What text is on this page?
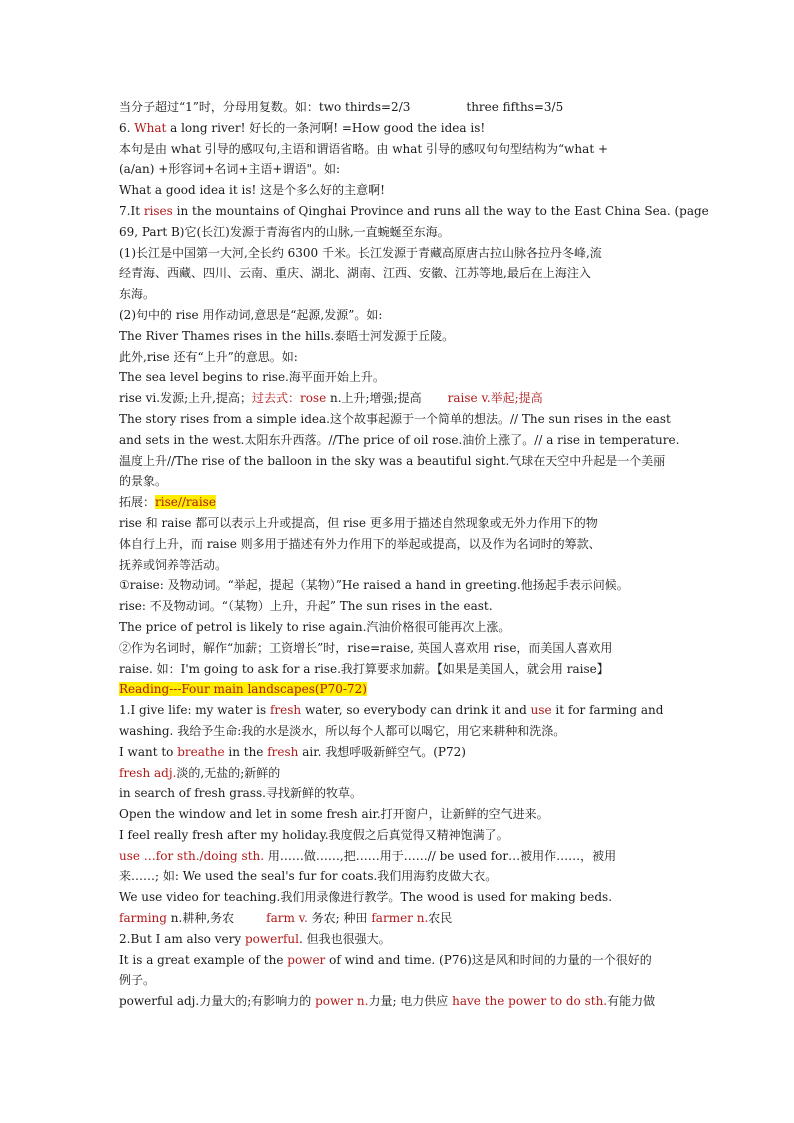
当分子超过“1”时，分母用复数。如：two thirds=2/3	three fifths=3/5
6. What a long river! 好长的一条河啊! =How good the idea is!
本句是由 what 引导的感叹句,主语和谓语省略。由 what 引导的感叹句句型结构为“what +
(a/an) +形容词+名词+主语+谓语"。如:
What a good idea it is! 这是个多么好的主意啊!
7.It rises in the mountains of Qinghai Province and runs all the way to the East China Sea. (page
69, Part B)它(长江)发源于青海省内的山脉,一直蜿蜒至东海。
(1)长江是中国第一大河,全长约 6300 千米。长江发源于青藏高原唐古拉山脉各拉丹冬峰,流
经青海、西藏、四川、云南、重庆、湖北、湖南、江西、安徽、江苏等地,最后在上海注入
东海。
(2)句中的 rise 用作动词,意思是“起源,发源”。如:
The River Thames rises in the hills.泰晤士河发源于丘陵。
此外,rise 还有“上升”的意思。如:
The sea level begins to rise.海平面开始上升。
rise vi.发源;上升,提高；过去式：rose n.上升;增强;提高 raise v.举起;提高
The story rises from a simple idea.这个故事起源于一个简单的想法。// The sun rises in the east
and sets in the west.太阳东升西落。//The price of oil rose.油价上涨了。// a rise in temperature.
温度上升//The rise of the balloon in the sky was a beautiful sight.气球在天空中升起是一个美丽
的景象。
拓展：rise//raise
rise 和 raise 都可以表示上升或提高，但 rise 更多用于描述自然现象或无外力作用下的物
体自行上升，而 raise 则多用于描述有外力作用下的举起或提高，以及作为名词时的筹款、
抚养或饲养等活动。
①raise: 及物动词。“举起，提起（某物）”He raised a hand in greeting.他扬起手表示问候。
rise: 不及物动词。“（某物）上升，升起” The sun rises in the east.
The price of petrol is likely to rise again.汽油价格很可能再次上涨。
②作为名词时，解作“加薪；工资增长”时，rise=raise, 英国人喜欢用 rise，而美国人喜欢用
raise. 如：I'm going to ask for a rise.我打算要求加薪。【如果是美国人，就会用 raise】
Reading---Four main landscapes(P70-72)
1.I give life: my water is fresh water, so everybody can drink it and use it for farming and
washing. 我给予生命:我的水是淡水，所以每个人都可以喝它，用它来耕种和洗涤。
I want to breathe in the fresh air. 我想呼吸新鲜空气。(P72)
fresh adj.淡的,无盐的;新鲜的
in search of fresh grass.寻找新鲜的牧草。
Open the window and let in some fresh air.打开窗户，让新鲜的空气进来。
I feel really fresh after my holiday.我度假之后真觉得又精神饱满了。
use …for sth./doing sth. 用……做……,把……用于……// be used for…被用作……，被用
来……; 如: We used the seal's fur for coats.我们用海豹皮做大衣。
We use video for teaching.我们用录像进行教学。The wood is used for making beds.
farming n.耕种,务农	farm v. 务农; 种田 farmer n.农民
2.But I am also very powerful. 但我也很强大。
It is a great example of the power of wind and time. (P76)这是风和时间的力量的一个很好的
例子。
powerful adj.力量大的;有影响力的 power n.力量; 电力供应 have the power to do sth.有能力做
